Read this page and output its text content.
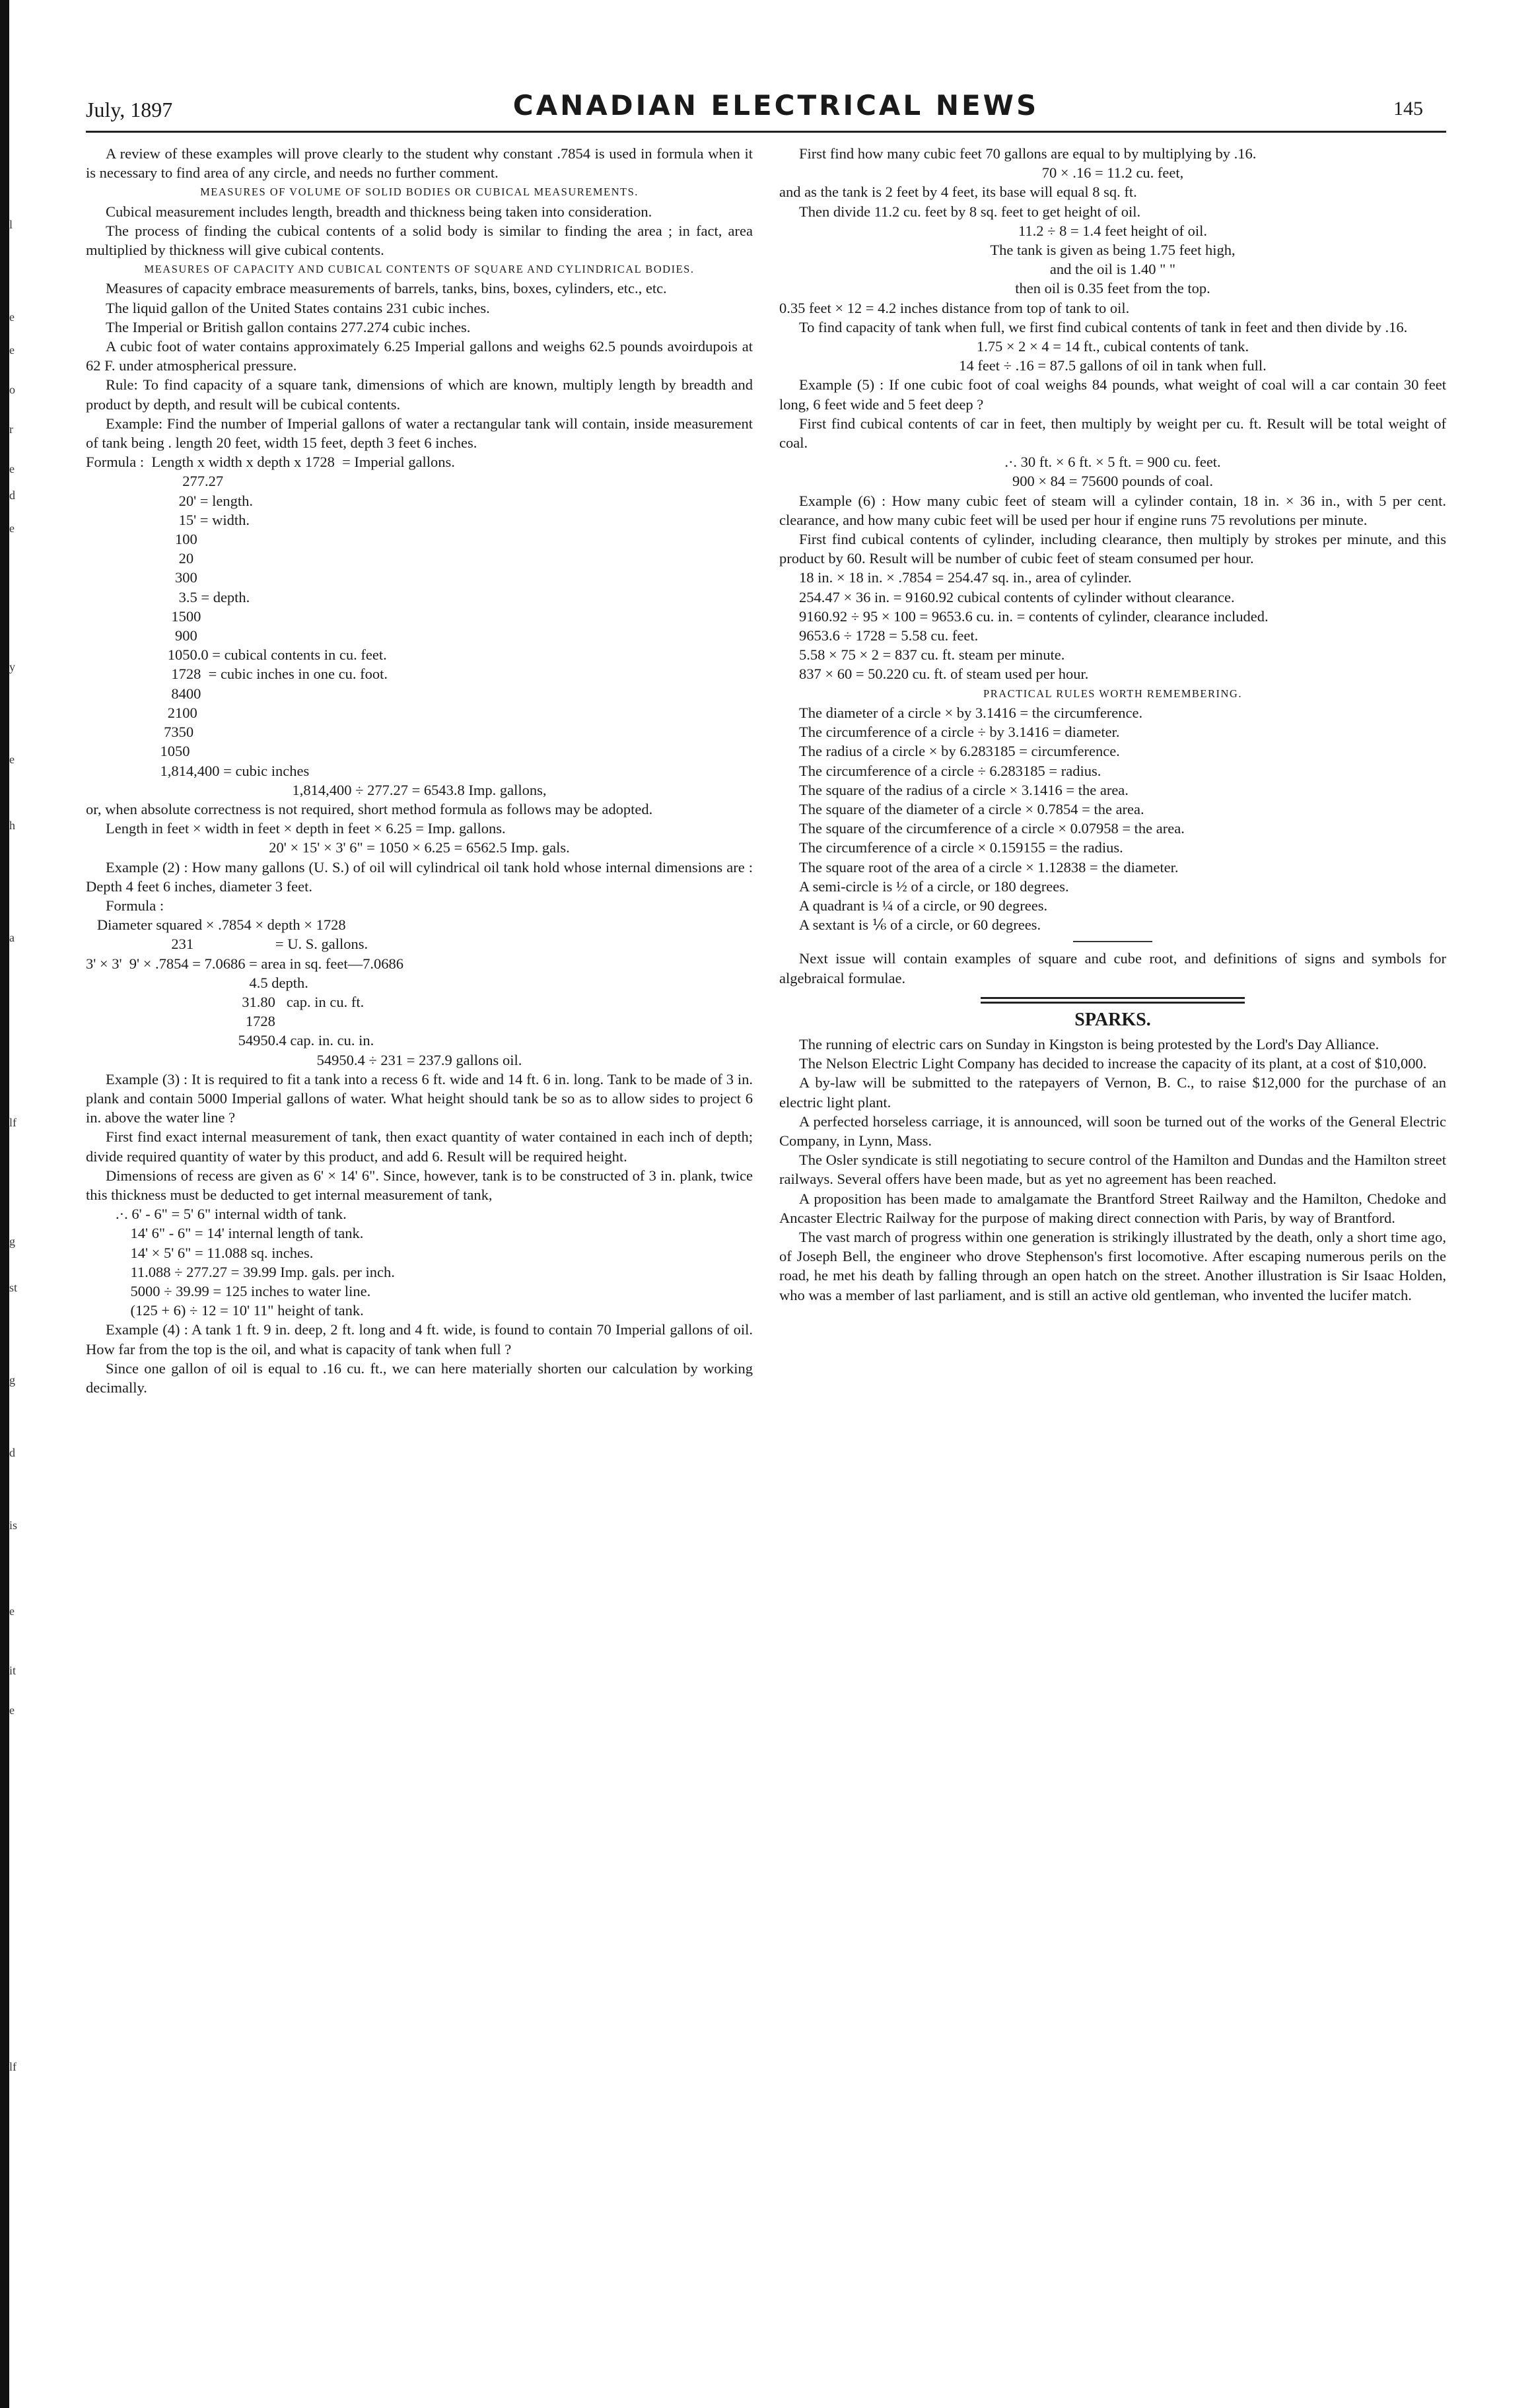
l
e
e
o
r
e
d
e
y
e
h
a
lf
g
st
g
d
is
e
it
e
lf
July, 1897	CANADIAN ELECTRICAL NEWS	145

A review of these examples will prove clearly to the student why constant .7854 is used in formula when it is necessary to find area of any circle, and needs no further comment.

MEASURES OF VOLUME OF SOLID BODIES OR CUBICAL MEASUREMENTS.

Cubical measurement includes length, breadth and thickness being taken into consideration.

The process of finding the cubical contents of a solid body is similar to finding the area ; in fact, area multiplied by thickness will give cubical contents.

MEASURES OF CAPACITY AND CUBICAL CONTENTS OF SQUARE AND CYLINDRICAL BODIES.

Measures of capacity embrace measurements of barrels, tanks, bins, boxes, cylinders, etc., etc.

The liquid gallon of the United States contains 231 cubic inches.

The Imperial or British gallon contains 277.274 cubic inches.

A cubic foot of water contains approximately 6.25 Imperial gallons and weighs 62.5 pounds avoirdupois at 62 F. under atmospherical pressure.

Rule: To find capacity of a square tank, dimensions of which are known, multiply length by breadth and product by depth, and result will be cubical contents.

Example: Find the number of Imperial gallons of water a rectangular tank will contain, inside measurement of tank being . length 20 feet, width 15 feet, depth 3 feet 6 inches.

Formula :  Length x width x depth x 1728  = Imperial gallons.
277.27
20' = length.
15' = width.
100
20
300
3.5 = depth.
1500
900
1050.0 = cubical contents in cu. feet.
1728  = cubic inches in one cu. foot.
8400
2100
7350
1050
1,814,400 = cubic inches

1,814,400 ÷ 277.27 = 6543.8 Imp. gallons,

or, when absolute correctness is not required, short method formula as follows may be adopted.

Length in feet × width in feet × depth in feet × 6.25 = Imp. gallons.

20' × 15' × 3' 6" = 1050 × 6.25 = 6562.5 Imp. gals.

Example (2) : How many gallons (U. S.) of oil will cylindrical oil tank hold whose internal dimensions are : Depth 4 feet 6 inches, diameter 3 feet.

Formula :

Diameter squared × .7854 × depth × 1728
231                      = U. S. gallons.
3' × 3'  9' × .7854 = 7.0686 = area in sq. feet—7.0686
4.5 depth.
31.80   cap. in cu. ft.
1728
54950.4 cap. in. cu. in.

54950.4 ÷ 231 = 237.9 gallons oil.

Example (3) : It is required to fit a tank into a recess 6 ft. wide and 14 ft. 6 in. long. Tank to be made of 3 in. plank and contain 5000 Imperial gallons of water. What height should tank be so as to allow sides to project 6 in. above the water line ?

First find exact internal measurement of tank, then exact quantity of water contained in each inch of depth; divide required quantity of water by this product, and add 6. Result will be required height.

Dimensions of recess are given as 6' × 14' 6". Since, however, tank is to be constructed of 3 in. plank, twice this thickness must be deducted to get internal measurement of tank,

.·. 6' - 6" = 5' 6" internal width of tank.
14' 6" - 6" = 14' internal length of tank.
14' × 5' 6" = 11.088 sq. inches.
11.088 ÷ 277.27 = 39.99 Imp. gals. per inch.
5000 ÷ 39.99 = 125 inches to water line.
(125 + 6) ÷ 12 = 10' 11" height of tank.

Example (4) : A tank 1 ft. 9 in. deep, 2 ft. long and 4 ft. wide, is found to contain 70 Imperial gallons of oil. How far from the top is the oil, and what is capacity of tank when full ?

Since one gallon of oil is equal to .16 cu. ft., we can here materially shorten our calculation by working decimally.

First find how many cubic feet 70 gallons are equal to by multiplying by .16.

70 × .16 = 11.2 cu. feet,

and as the tank is 2 feet by 4 feet, its base will equal 8 sq. ft.

Then divide 11.2 cu. feet by 8 sq. feet to get height of oil.

11.2 ÷ 8 = 1.4 feet height of oil.

The tank is given as being 1.75 feet high,

and the oil is 1.40 " "

then oil is 0.35 feet from the top.

0.35 feet × 12 = 4.2 inches distance from top of tank to oil.

To find capacity of tank when full, we first find cubical contents of tank in feet and then divide by .16.

1.75 × 2 × 4 = 14 ft., cubical contents of tank.

14 feet ÷ .16 = 87.5 gallons of oil in tank when full.

Example (5) : If one cubic foot of coal weighs 84 pounds, what weight of coal will a car contain 30 feet long, 6 feet wide and 5 feet deep ?

First find cubical contents of car in feet, then multiply by weight per cu. ft. Result will be total weight of coal.

.·. 30 ft. × 6 ft. × 5 ft. = 900 cu. feet.

900 × 84 = 75600 pounds of coal.

Example (6) : How many cubic feet of steam will a cylinder contain, 18 in. × 36 in., with 5 per cent. clearance, and how many cubic feet will be used per hour if engine runs 75 revolutions per minute.

First find cubical contents of cylinder, including clearance, then multiply by strokes per minute, and this product by 60. Result will be number of cubic feet of steam consumed per hour.

18 in. × 18 in. × .7854 = 254.47 sq. in., area of cylinder.

254.47 × 36 in. = 9160.92 cubical contents of cylinder without clearance.

9160.92 ÷ 95 × 100 = 9653.6 cu. in. = contents of cylinder, clearance included.

9653.6 ÷ 1728 = 5.58 cu. feet.

5.58 × 75 × 2 = 837 cu. ft. steam per minute.

837 × 60 = 50.220 cu. ft. of steam used per hour.

PRACTICAL RULES WORTH REMEMBERING.

The diameter of a circle × by 3.1416 = the circumference.

The circumference of a circle ÷ by 3.1416 = diameter.

The radius of a circle × by 6.283185 = circumference.

The circumference of a circle ÷ 6.283185 = radius.

The square of the radius of a circle × 3.1416 = the area.

The square of the diameter of a circle × 0.7854 = the area.

The square of the circumference of a circle × 0.07958 = the area.

The circumference of a circle × 0.159155 = the radius.

The square root of the area of a circle × 1.12838 = the diameter.

A semi-circle is ½ of a circle, or 180 degrees.

A quadrant is ¼ of a circle, or 90 degrees.

A sextant is ⅙ of a circle, or 60 degrees.

Next issue will contain examples of square and cube root, and definitions of signs and symbols for algebraical formulae.

SPARKS.

The running of electric cars on Sunday in Kingston is being protested by the Lord's Day Alliance.

The Nelson Electric Light Company has decided to increase the capacity of its plant, at a cost of $10,000.

A by-law will be submitted to the ratepayers of Vernon, B. C., to raise $12,000 for the purchase of an electric light plant.

A perfected horseless carriage, it is announced, will soon be turned out of the works of the General Electric Company, in Lynn, Mass.

The Osler syndicate is still negotiating to secure control of the Hamilton and Dundas and the Hamilton street railways. Several offers have been made, but as yet no agreement has been reached.

A proposition has been made to amalgamate the Brantford Street Railway and the Hamilton, Chedoke and Ancaster Electric Railway for the purpose of making direct connection with Paris, by way of Brantford.

The vast march of progress within one generation is strikingly illustrated by the death, only a short time ago, of Joseph Bell, the engineer who drove Stephenson's first locomotive. After escaping numerous perils on the road, he met his death by falling through an open hatch on the street. Another illustration is Sir Isaac Holden, who was a member of last parliament, and is still an active old gentleman, who invented the lucifer match.
